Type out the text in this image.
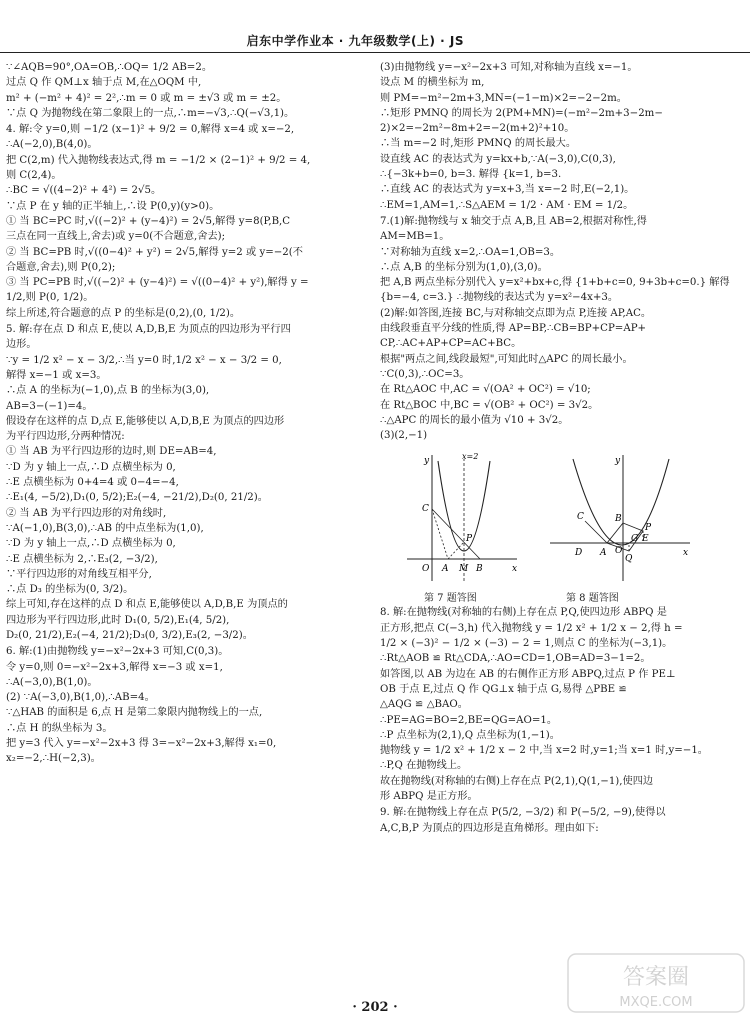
启东中学作业本 · 九年级数学(上) · JS

∵∠AQB=90°,OA=OB,∴OQ= 1/2 AB=2。

过点 Q 作 QM⊥x 轴于点 M,在△OQM 中,

m² + (−m² + 4)² = 2²,∴m = 0 或 m = ±√3 或 m = ±2。

∵点 Q 为抛物线在第二象限上的一点,∴m=−√3,∴Q(−√3,1)。

4. 解:令 y=0,则 −1/2 (x−1)² + 9/2 = 0,解得 x=4 或 x=−2,

∴A(−2,0),B(4,0)。

把 C(2,m) 代入抛物线表达式,得 m = −1/2 × (2−1)² + 9/2 = 4,

则 C(2,4)。

∴BC = √((4−2)² + 4²) = 2√5。

∵点 P 在 y 轴的正半轴上,∴设 P(0,y)(y>0)。

① 当 BC=PC 时,√((−2)² + (y−4)²) = 2√5,解得 y=8(P,B,C

三点在同一直线上,舍去)或 y=0(不合题意,舍去);

② 当 BC=PB 时,√((0−4)² + y²) = 2√5,解得 y=2 或 y=−2(不

合题意,舍去),则 P(0,2);

③ 当 PC=PB 时,√((−2)² + (y−4)²) = √((0−4)² + y²),解得 y =

1/2,则 P(0, 1/2)。

综上所述,符合题意的点 P 的坐标是(0,2),(0, 1/2)。

5. 解:存在点 D 和点 E,使以 A,D,B,E 为顶点的四边形为平行四

边形。

∵y = 1/2 x² − x − 3/2,∴当 y=0 时,1/2 x² − x − 3/2 = 0,

解得 x=−1 或 x=3。

∴点 A 的坐标为(−1,0),点 B 的坐标为(3,0),

AB=3−(−1)=4。

假设存在这样的点 D,点 E,能够使以 A,D,B,E 为顶点的四边形

为平行四边形,分两种情况:

① 当 AB 为平行四边形的边时,则 DE=AB=4,

∵D 为 y 轴上一点,∴D 点横坐标为 0,

∴E 点横坐标为 0+4=4 或 0−4=−4,

∴E₁(4, −5/2),D₁(0, 5/2);E₂(−4, −21/2),D₂(0, 21/2)。

② 当 AB 为平行四边形的对角线时,

∵A(−1,0),B(3,0),∴AB 的中点坐标为(1,0),

∵D 为 y 轴上一点,∴D 点横坐标为 0,

∴E 点横坐标为 2,∴E₃(2, −3/2),

∵平行四边形的对角线互相平分,

∴点 D₃ 的坐标为(0, 3/2)。

综上可知,存在这样的点 D 和点 E,能够使以 A,D,B,E 为顶点的

四边形为平行四边形,此时 D₁(0, 5/2),E₁(4, 5/2),

D₂(0, 21/2),E₂(−4, 21/2);D₃(0, 3/2),E₃(2, −3/2)。

6. 解:(1)由抛物线 y=−x²−2x+3 可知,C(0,3)。

令 y=0,则 0=−x²−2x+3,解得 x=−3 或 x=1,

∴A(−3,0),B(1,0)。

(2) ∵A(−3,0),B(1,0),∴AB=4。

∵△HAB 的面积是 6,点 H 是第二象限内抛物线上的一点,

∴点 H 的纵坐标为 3。

把 y=3 代入 y=−x²−2x+3 得 3=−x²−2x+3,解得 x₁=0,

x₂=−2,∴H(−2,3)。

(3)由抛物线 y=−x²−2x+3 可知,对称轴为直线 x=−1。

设点 M 的横坐标为 m,

则 PM=−m²−2m+3,MN=(−1−m)×2=−2−2m。

∴矩形 PMNQ 的周长为 2(PM+MN)=(−m²−2m+3−2m−

2)×2=−2m²−8m+2=−2(m+2)²+10。

∴当 m=−2 时,矩形 PMNQ 的周长最大。

设直线 AC 的表达式为 y=kx+b,∵A(−3,0),C(0,3),

∴{−3k+b=0, b=3. 解得 {k=1, b=3.

∴直线 AC 的表达式为 y=x+3,当 x=−2 时,E(−2,1)。

∴EM=1,AM=1,∴S△AEM = 1/2 · AM · EM = 1/2。

7.(1)解:抛物线与 x 轴交于点 A,B,且 AB=2,根据对称性,得

AM=MB=1。

∵对称轴为直线 x=2,∴OA=1,OB=3。

∴点 A,B 的坐标分别为(1,0),(3,0)。

把 A,B 两点坐标分别代入 y=x²+bx+c,得 {1+b+c=0, 9+3b+c=0.} 解得

{b=−4, c=3.} ∴抛物线的表达式为 y=x²−4x+3。

(2)解:如答图,连接 BC,与对称轴交点即为点 P,连接 AP,AC。

由线段垂直平分线的性质,得 AP=BP,∴CB=BP+CP=AP+

CP,∴AC+AP+CP=AC+BC。

根据"两点之间,线段最短",可知此时△APC 的周长最小。

∵C(0,3),∴OC=3。

在 Rt△AOC 中,AC = √(OA² + OC²) = √10;

在 Rt△BOC 中,BC = √(OB² + OC²) = 3√2。

∴△APC 的周长的最小值为 √10 + 3√2。

(3)(2,−1)

y	x=2
C
P
O A M B	x
y
C	B
P
D A
E
G
Q
O	x
第 7 题答图	第 8 题答图

8. 解:在抛物线(对称轴的右侧)上存在点 P,Q,使四边形 ABPQ 是

正方形,把点 C(−3,h) 代入抛物线 y = 1/2 x² + 1/2 x − 2,得 h =

1/2 × (−3)² − 1/2 × (−3) − 2 = 1,则点 C 的坐标为(−3,1)。

∴Rt△AOB ≌ Rt△CDA,∴AO=CD=1,OB=AD=3−1=2。

如答图,以 AB 为边在 AB 的右侧作正方形 ABPQ,过点 P 作 PE⊥

OB 于点 E,过点 Q 作 QG⊥x 轴于点 G,易得 △PBE ≌

△AQG ≌ △BAO。

∴PE=AG=BO=2,BE=QG=AO=1。

∴P 点坐标为(2,1),Q 点坐标为(1,−1)。

抛物线 y = 1/2 x² + 1/2 x − 2 中,当 x=2 时,y=1;当 x=1 时,y=−1。

∴P,Q 在抛物线上。

故在抛物线(对称轴的右侧)上存在点 P(2,1),Q(1,−1),使四边

形 ABPQ 是正方形。

9. 解:在抛物线上存在点 P(5/2, −3/2) 和 P(−5/2, −9),使得以

A,C,B,P 为顶点的四边形是直角梯形。理由如下:

· 202 ·
答案圈
MXQE.COM
